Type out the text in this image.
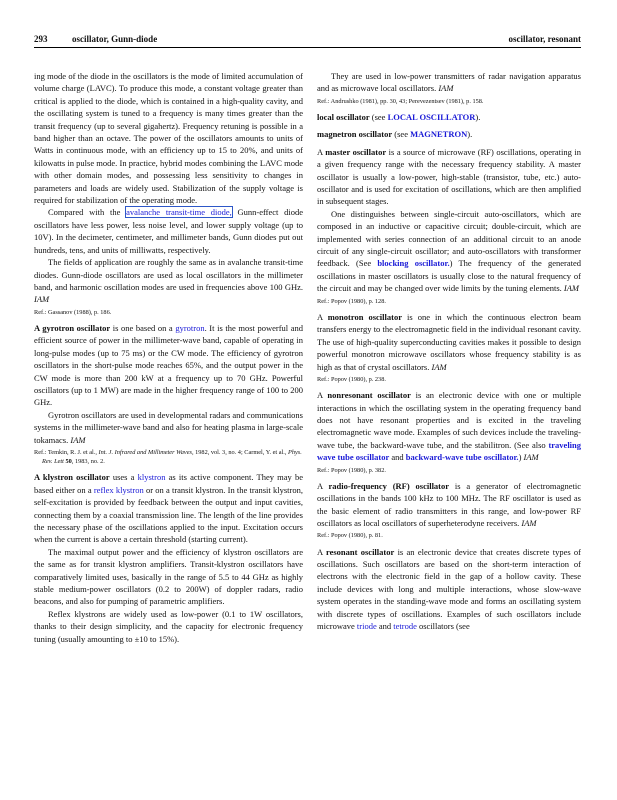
293	oscillator, Gunn-diode	oscillator, resonant

ing mode of the diode in the oscillators is the mode of limited accumulation of volume charge (LAVC). To produce this mode, a constant voltage greater than critical is applied to the diode, which is contained in a high-quality cavity, and the oscillating system is tuned to a frequency is many times greater than the transit frequency (up to several gigahertz). Frequency retuning is possible in a band higher than an octave. The power of the oscillators amounts to units of Watts in continuous mode, with an efficiency up to 15 to 20%, and units of kilowatts in pulse mode. In practice, hybrid modes combining the LAVC mode with other domain modes, and possessing less sensitivity to changes in parameters and loads are widely used. Stabilization of the supply voltage is required for stabilization of the operating mode.

Compared with the avalanche transit-time diode, Gunn-effect diode oscillators have less power, less noise level, and lower supply voltage (up to 10V). In the decimeter, centimeter, and millimeter bands, Gunn diodes put out hundreds, tens, and units of milliwatts, respectively.

The fields of application are roughly the same as in avalanche transit-time diodes. Gunn-diode oscillators are used as local oscillators in the millimeter band, and harmonic oscillation modes are used in frequencies above 100 GHz. IAM

Ref.: Gassanov (1988), p. 186.

A gyrotron oscillator is one based on a gyrotron. It is the most powerful and efficient source of power in the millimeter-wave band, capable of operating in long-pulse modes (up to 75 ms) or the CW mode. The efficiency of gyrotron oscillators in the short-pulse mode reaches 65%, and the output power in the CW mode is more than 200 kW at a frequency up to 70 GHz. Powerful oscillators (up to 1 MW) are made in the higher frequency range of 100 to 200 GHz.

Gyrotron oscillators are used in developmental radars and communications systems in the millimeter-wave band and also for heating plasma in large-scale tokamacs. IAM

Ref.: Temkin, R. J. et al., Int. J. Infrared and Millimeter Waves, 1982, vol. 3, no. 4; Carmel, Y. et al., Phys. Rev. Lett 50, 1983, no. 2.

A klystron oscillator uses a klystron as its active component. They may be based either on a reflex klystron or on a transit klystron. In the transit klystron, self-excitation is provided by feedback between the output and input cavities, connecting them by a coaxial transmission line. The length of the line provides the necessary phase of the oscillations applied to the input. Excitation occurs when the current is above a certain threshold (starting current).

The maximal output power and the efficiency of klystron oscillators are the same as for transit klystron amplifiers. Transit-klystron oscillators have comparatively limited uses, basically in the range of 5.5 to 44 GHz as highly stable medium-power oscillators (0.2 to 200W) of doppler radars, radio beacons, and also for pumping of parametric amplifiers.

Reflex klystrons are widely used as low-power (0.1 to 1W oscillators, thanks to their design simplicity, and the capacity for electronic frequency tuning (usually amounting to ±10 to 15%).

They are used in low-power transmitters of radar navigation apparatus and as microwave local oscillators. IAM

Ref.: Andrushko (1981), pp. 30, 43; Perevezentsev (1981), p. 158.

local oscillator (see LOCAL OSCILLATOR).

magnetron oscillator (see MAGNETRON).

A master oscillator is a source of microwave (RF) oscillations, operating in a given frequency range with the necessary frequency stability. A master oscillator is usually a low-power, high-stable (transistor, tube, etc.) auto-oscillator and is used for excitation of oscillations, which are then amplified in subsequent stages.

One distinguishes between single-circuit auto-oscillators, which are composed in an inductive or capacitive circuit; double-circuit, which are implemented with series connection of an additional circuit to an anode circuit of any single-circuit oscillator; and auto-oscillators with transformer feedback. (See blocking oscillator.) The frequency of the generated oscillations in master oscillators is usually close to the natural frequency of the circuit and may be changed over wide limits by the tuning elements. IAM

Ref.: Popov (1980), p. 128.

A monotron oscillator is one in which the continuous electron beam transfers energy to the electromagnetic field in the individual resonant cavity. The use of high-quality superconducting cavities makes it possible to design powerful monotron microwave oscillators whose frequency stability is as high as that of crystal oscillators. IAM

Ref.: Popov (1980), p. 238.

A nonresonant oscillator is an electronic device with one or multiple interactions in which the oscillating system in the operating frequency band does not have resonant properties and is excited in the traveling electromagnetic wave mode. Examples of such devices include the traveling-wave tube, the backward-wave tube, and the stabilitron. (See also traveling wave tube oscillator and backward-wave tube oscillator.) IAM

Ref.: Popov (1980), p. 382.

A radio-frequency (RF) oscillator is a generator of electromagnetic oscillations in the bands 100 kHz to 100 MHz. The RF oscillator is used as the basic element of radio transmitters in this range, and low-power RF oscillators as local oscillators of superheterodyne receivers. IAM

Ref.: Popov (1980), p. 81.

A resonant oscillator is an electronic device that creates discrete types of oscillations. Such oscillators are based on the short-term interaction of electrons with the electronic field in the gap of a hollow cavity. These include devices with long and multiple interactions, whose slow-wave system operates in the standing-wave mode and forms an oscillating system with discrete types of oscillations. Examples of such oscillators include microwave triode and tetrode oscillators (see
